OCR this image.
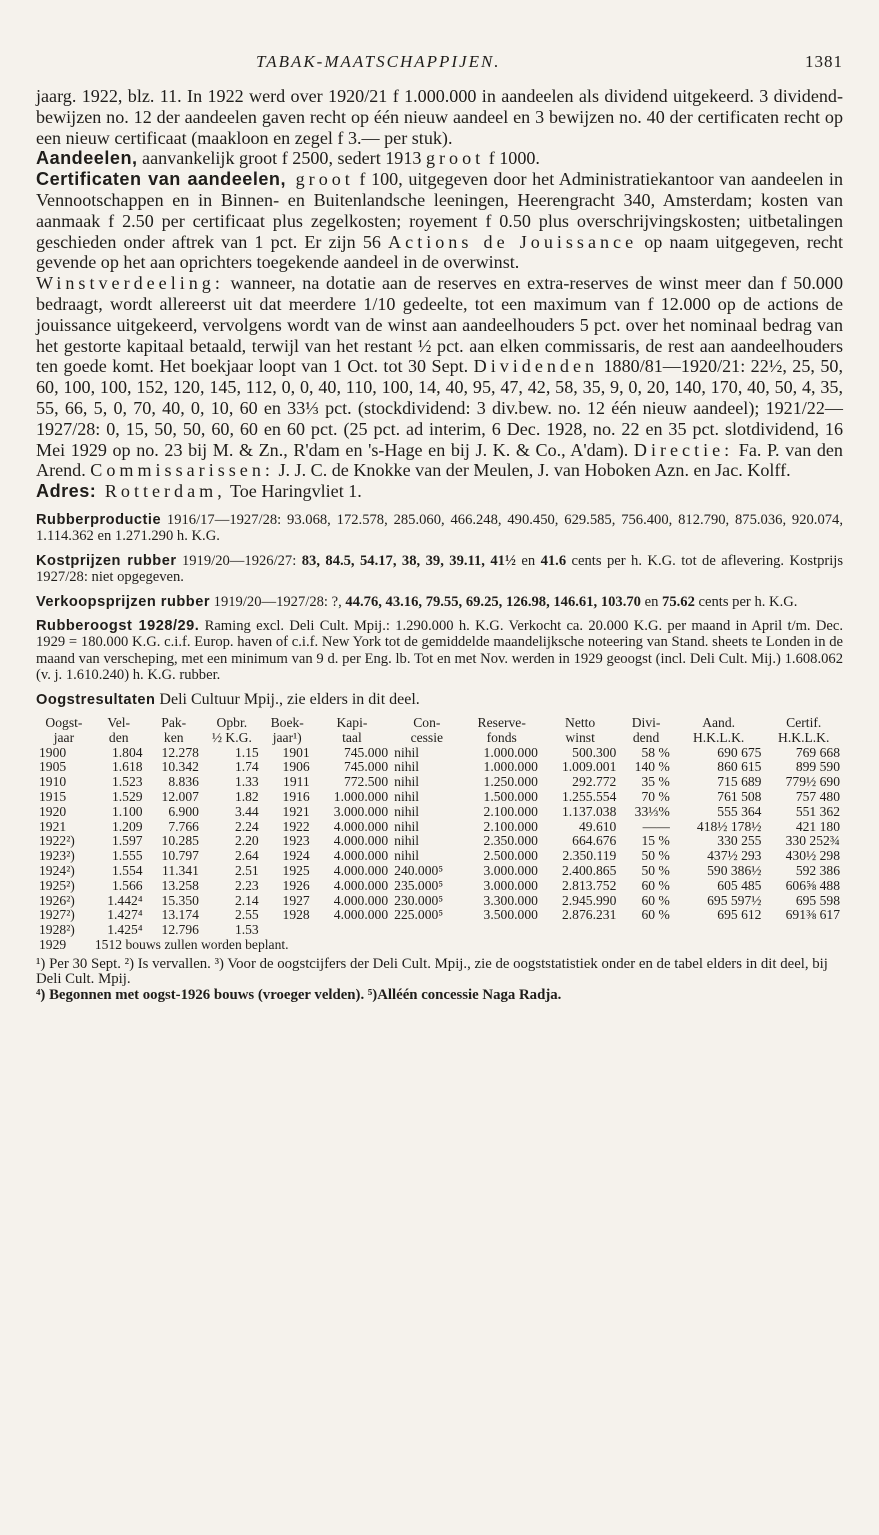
TABAK-MAATSCHAPPIJEN.	1381

jaarg. 1922, blz. 11. In 1922 werd over 1920/21 f 1.000.000 in aandeelen als dividend uitgekeerd. 3 dividend-bewijzen no. 12 der aandeelen gaven recht op één nieuw aandeel en 3 bewijzen no. 40 der certificaten recht op een nieuw certificaat (maakloon en zegel f 3.— per stuk).

Aandeelen, aanvankelijk groot f 2500, sedert 1913 groot f 1000.

Certificaten van aandeelen, groot f 100, uitgegeven door het Administratiekantoor van aandeelen in Vennootschappen en in Binnen- en Buitenlandsche leeningen, Heerengracht 340, Amsterdam; kosten van aanmaak f 2.50 per certificaat plus zegelkosten; royement f 0.50 plus overschrijvingskosten; uitbetalingen geschieden onder aftrek van 1 pct. Er zijn 56 Actions de Jouissance op naam uitgegeven, recht gevende op het aan oprichters toegekende aandeel in de overwinst.

Winstverdeeling: wanneer, na dotatie aan de reserves en extra-reserves de winst meer dan f 50.000 bedraagt, wordt allereerst uit dat meerdere 1/10 gedeelte, tot een maximum van f 12.000 op de actions de jouissance uitgekeerd, vervolgens wordt van de winst aan aandeelhouders 5 pct. over het nominaal bedrag van het gestorte kapitaal betaald, terwijl van het restant ½ pct. aan elken commissaris, de rest aan aandeelhouders ten goede komt. Het boekjaar loopt van 1 Oct. tot 30 Sept. Dividenden 1880/81—1920/21: 22½, 25, 50, 60, 100, 100, 152, 120, 145, 112, 0, 0, 40, 110, 100, 14, 40, 95, 47, 42, 58, 35, 9, 0, 20, 140, 170, 40, 50, 4, 35, 55, 66, 5, 0, 70, 40, 0, 10, 60 en 33⅓ pct. (stockdividend: 3 div.bew. no. 12 één nieuw aandeel); 1921/22—1927/28: 0, 15, 50, 50, 60, 60 en 60 pct. (25 pct. ad interim, 6 Dec. 1928, no. 22 en 35 pct. slotdividend, 16 Mei 1929 op no. 23 bij M. & Zn., R'dam en 's-Hage en bij J. K. & Co., A'dam). Directie: Fa. P. van den Arend. Commissarissen: J. J. C. de Knokke van der Meulen, J. van Hoboken Azn. en Jac. Kolff.

Adres: Rotterdam, Toe Haringvliet 1.

Rubberproductie 1916/17—1927/28: 93.068, 172.578, 285.060, 466.248, 490.450, 629.585, 756.400, 812.790, 875.036, 920.074, 1.114.362 en 1.271.290 h. K.G.

Kostprijzen rubber 1919/20—1926/27: 83, 84.5, 54.17, 38, 39, 39.11, 41½ en 41.6 cents per h. K.G. tot de aflevering. Kostprijs 1927/28: niet opgegeven.

Verkoopsprijzen rubber 1919/20—1927/28: ?, 44.76, 43.16, 79.55, 69.25, 126.98, 146.61, 103.70 en 75.62 cents per h. K.G.

Rubberoogst 1928/29. Raming excl. Deli Cult. Mpij.: 1.290.000 h. K.G. Verkocht ca. 20.000 K.G. per maand in April t/m. Dec. 1929 = 180.000 K.G. c.i.f. Europ. haven of c.i.f. New York tot de gemiddelde maandelijksche noteering van Stand. sheets te Londen in de maand van verscheping, met een minimum van 9 d. per Eng. lb. Tot en met Nov. werden in 1929 geoogst (incl. Deli Cult. Mij.) 1.608.062 (v. j. 1.610.240) h. K.G. rubber.

Oogstresultaten Deli Cultuur Mpij., zie elders in dit deel.

Oogst-	Vel-	Pak-	Opbr.	Boek-	Kapi-	Con-	Reserve-	Netto	Divi-	Aand.	Certif.
jaar	den	ken	½ K.G.	jaar¹)	taal	cessie	fonds	winst	dend	H.K.L.K.	H.K.L.K.
1900	1.804	12.278	1.15	1901	745.000	nihil	1.000.000	500.300	58 %	690 675	769 668
1905	1.618	10.342	1.74	1906	745.000	nihil	1.000.000	1.009.001	140 %	860 615	899 590
1910	1.523	8.836	1.33	1911	772.500	nihil	1.250.000	292.772	35 %	715 689	779½ 690
1915	1.529	12.007	1.82	1916	1.000.000	nihil	1.500.000	1.255.554	70 %	761 508	757 480
1920	1.100	6.900	3.44	1921	3.000.000	nihil	2.100.000	1.137.038	33⅓%	555 364	551 362
1921	1.209	7.766	2.24	1922	4.000.000	nihil	2.100.000	49.610	——	418½ 178½	421 180
1922²)	1.597	10.285	2.20	1923	4.000.000	nihil	2.350.000	664.676	15 %	330 255	330 252¾
1923²)	1.555	10.797	2.64	1924	4.000.000	nihil	2.500.000	2.350.119	50 %	437½ 293	430½ 298
1924²)	1.554	11.341	2.51	1925	4.000.000	240.000⁵	3.000.000	2.400.865	50 %	590 386½	592 386
1925²)	1.566	13.258	2.23	1926	4.000.000	235.000⁵	3.000.000	2.813.752	60 %	605 485	606⅝ 488
1926²)	1.442⁴	15.350	2.14	1927	4.000.000	230.000⁵	3.300.000	2.945.990	60 %	695 597½	695 598
1927²)	1.427⁴	13.174	2.55	1928	4.000.000	225.000⁵	3.500.000	2.876.231	60 %	695 612	691⅜ 617
1928²)	1.425⁴	12.796	1.53								
1929	1512 bouws zullen worden beplant.										

¹) Per 30 Sept. ²) Is vervallen. ³) Voor de oogstcijfers der Deli Cult. Mpij., zie de oogststatistiek onder en de tabel elders in dit deel, bij Deli Cult. Mpij.

⁴) Begonnen met oogst-1926 bouws (vroeger velden). ⁵)Alléén concessie Naga Radja.
